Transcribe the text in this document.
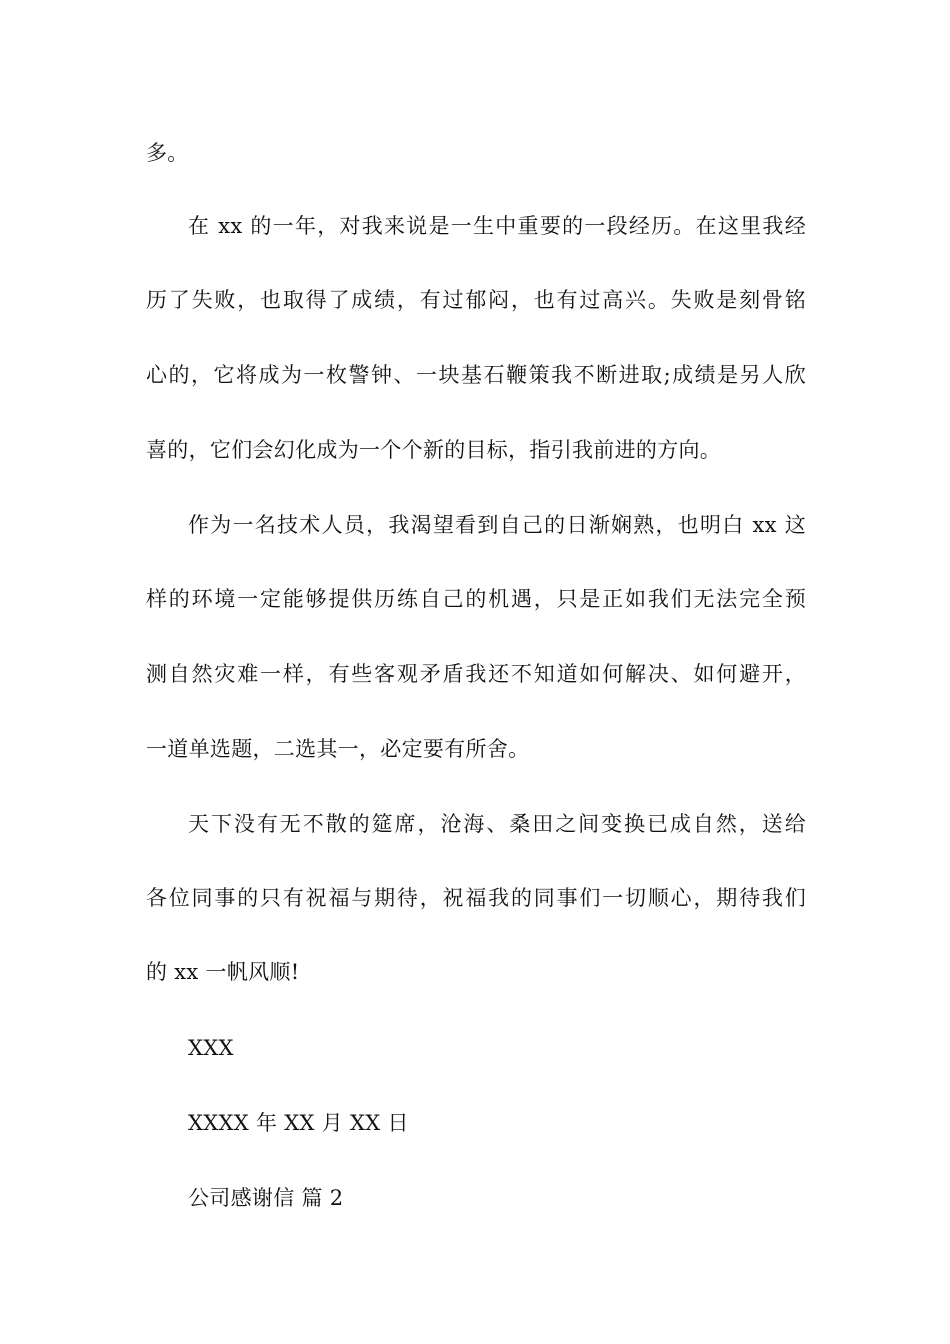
多。
在 xx 的一年，对我来说是一生中重要的一段经历。在这里我经
历了失败，也取得了成绩，有过郁闷，也有过高兴。失败是刻骨铭
心的，它将成为一枚警钟、一块基石鞭策我不断进取;成绩是另人欣
喜的，它们会幻化成为一个个新的目标，指引我前进的方向。
作为一名技术人员，我渴望看到自己的日渐娴熟，也明白 xx 这
样的环境一定能够提供历练自己的机遇，只是正如我们无法完全预
测自然灾难一样，有些客观矛盾我还不知道如何解决、如何避开，
一道单选题，二选其一，必定要有所舍。
天下没有无不散的筵席，沧海、桑田之间变换已成自然，送给
各位同事的只有祝福与期待，祝福我的同事们一切顺心，期待我们
的 xx 一帆风顺!
XXX
XXXX 年 XX 月 XX 日
公司感谢信 篇 2
